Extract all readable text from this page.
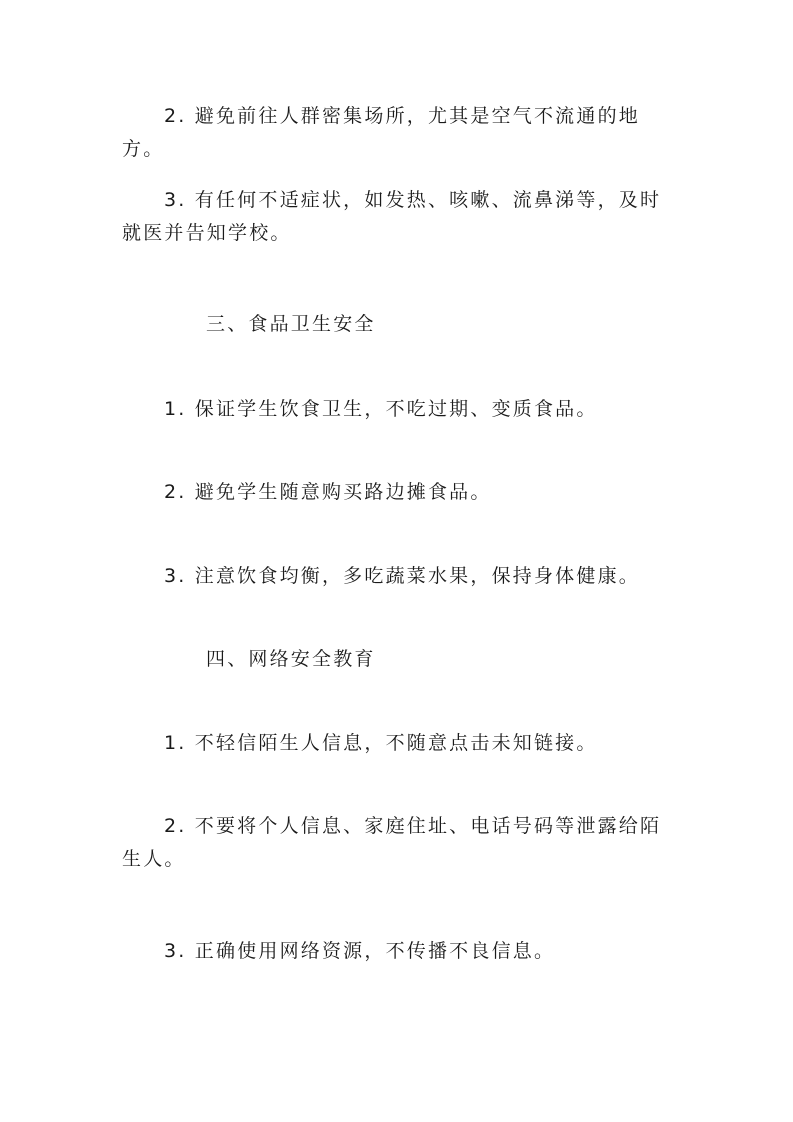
2. 避免前往人群密集场所，尤其是空气不流通的地方。

3. 有任何不适症状，如发热、咳嗽、流鼻涕等，及时就医并告知学校。

三、食品卫生安全

1. 保证学生饮食卫生，不吃过期、变质食品。

2. 避免学生随意购买路边摊食品。

3. 注意饮食均衡，多吃蔬菜水果，保持身体健康。

四、网络安全教育

1. 不轻信陌生人信息，不随意点击未知链接。

2. 不要将个人信息、家庭住址、电话号码等泄露给陌生人。

3. 正确使用网络资源，不传播不良信息。
